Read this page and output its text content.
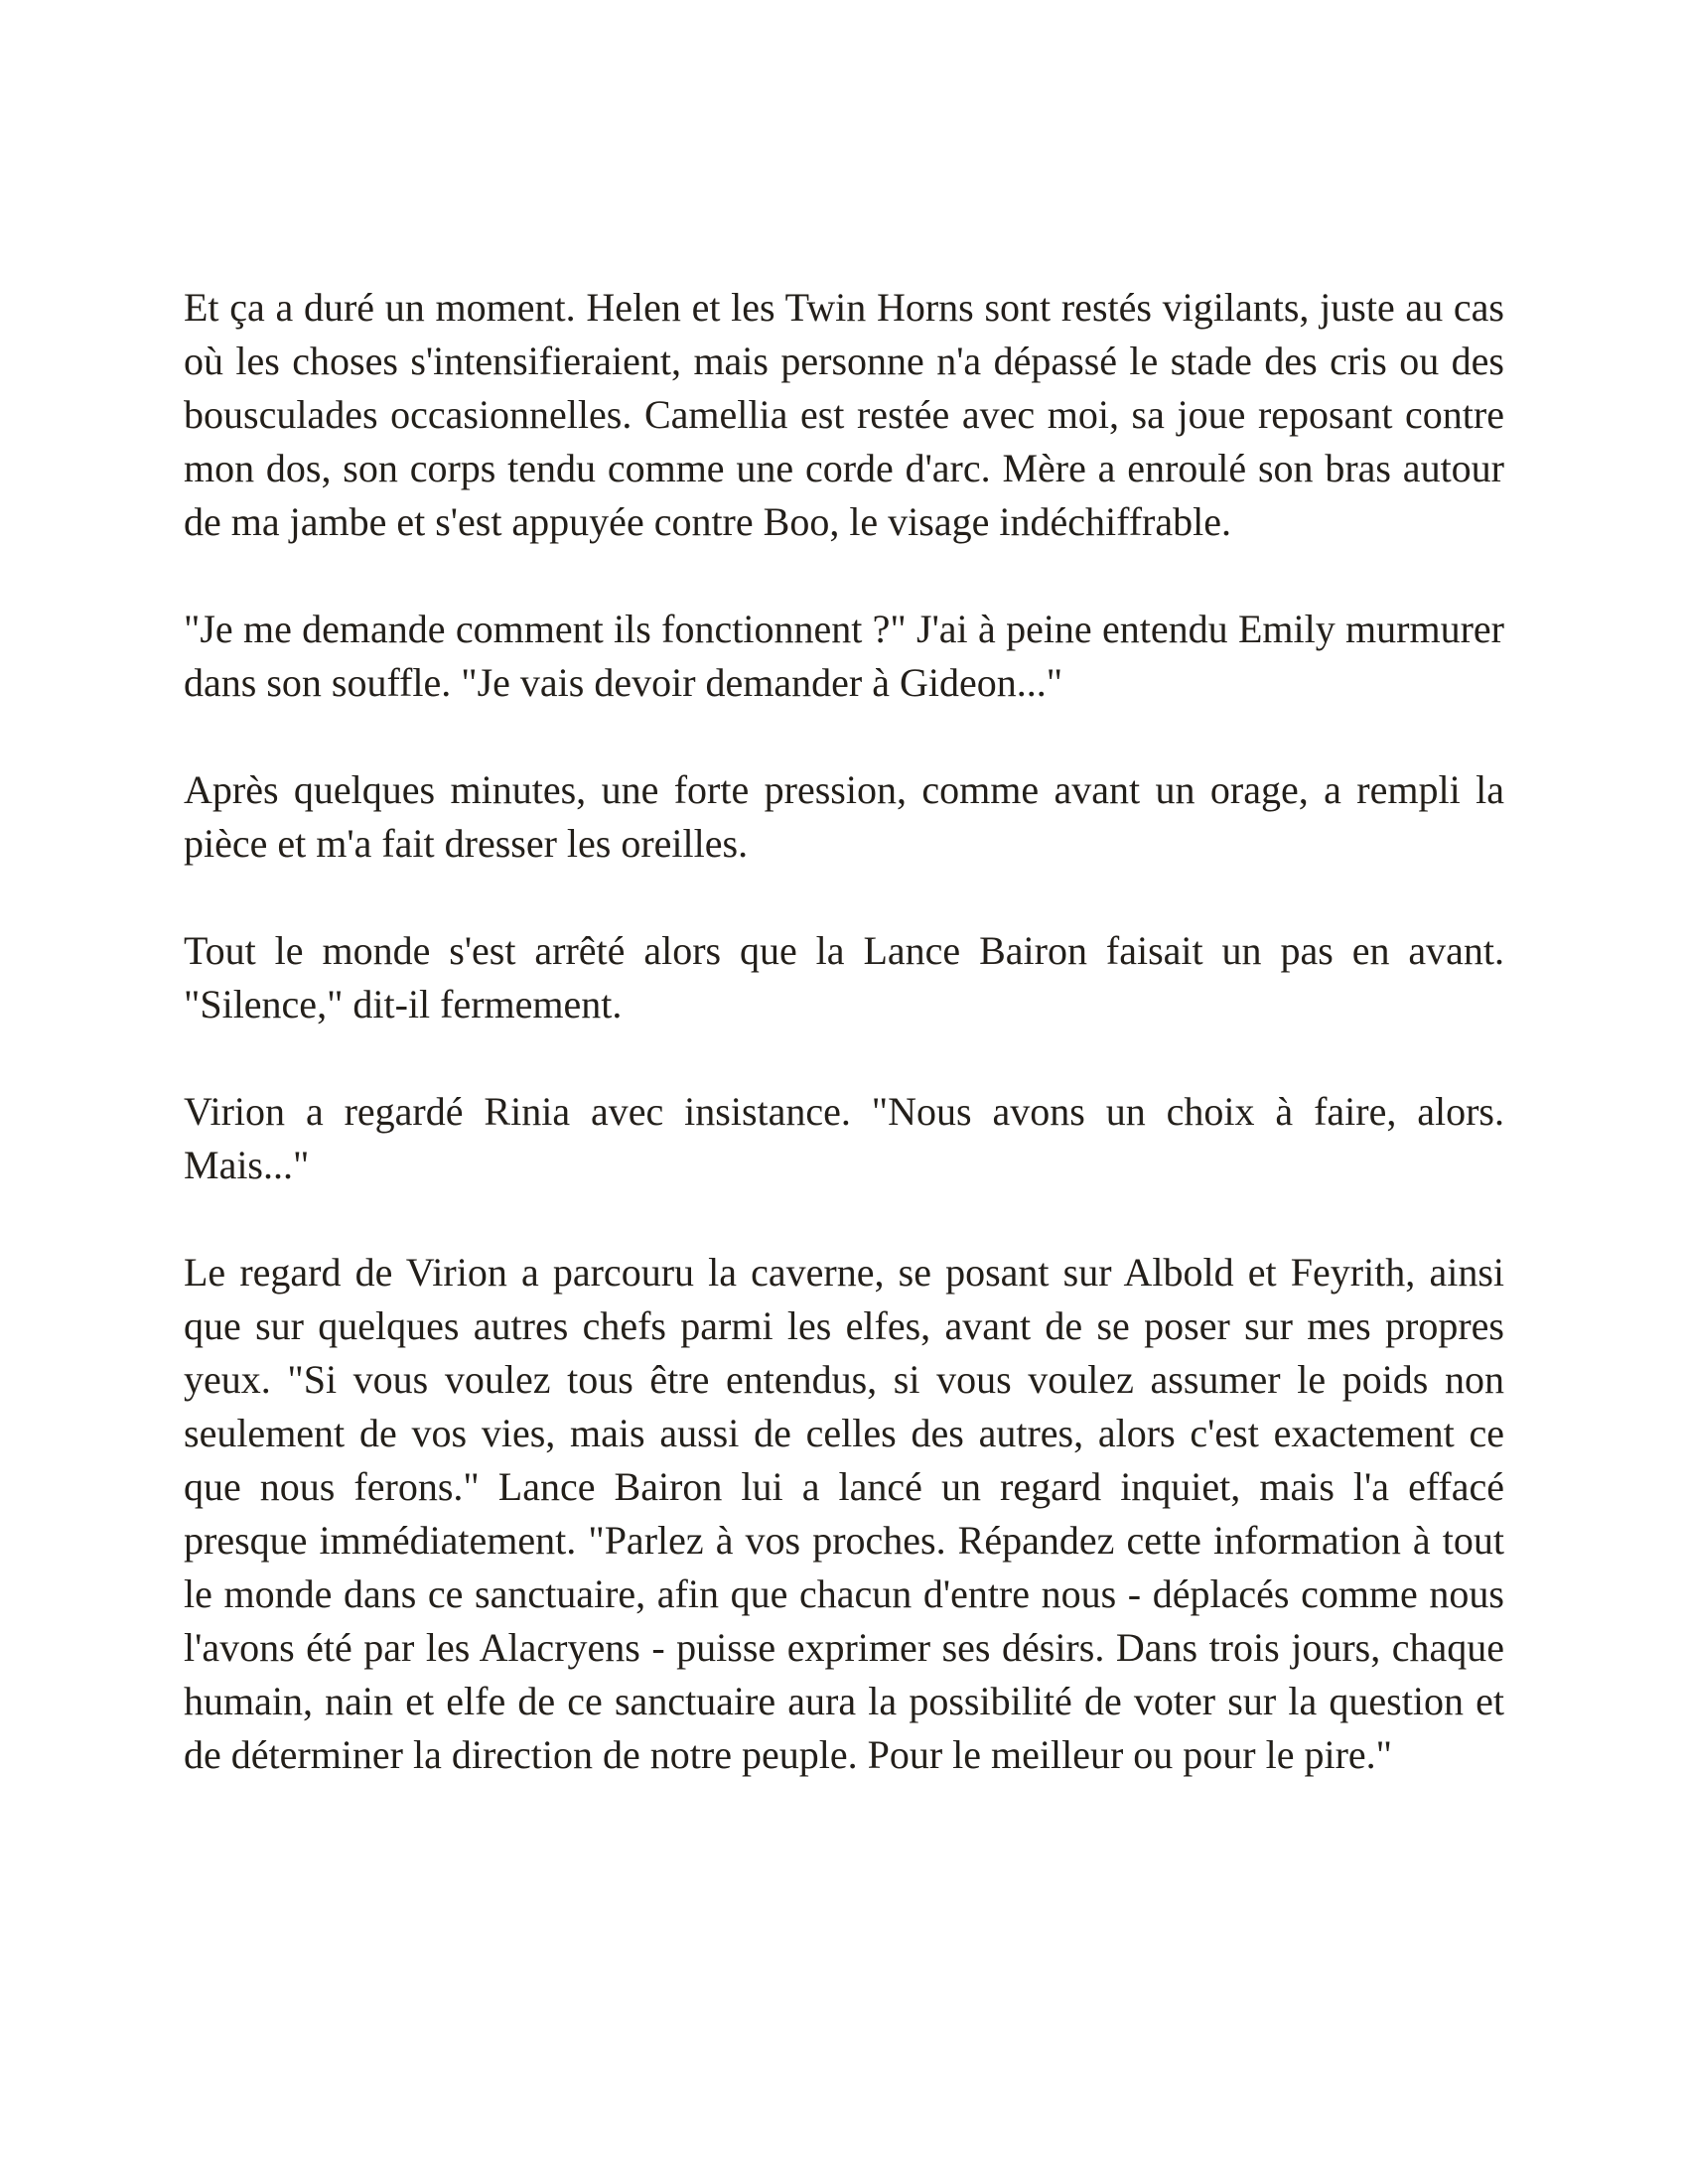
Et ça a duré un moment. Helen et les Twin Horns sont restés vigilants, juste au cas où les choses s'intensifieraient, mais personne n'a dépassé le stade des cris ou des bousculades occasionnelles. Camellia est restée avec moi, sa joue reposant contre mon dos, son corps tendu comme une corde d'arc. Mère a enroulé son bras autour de ma jambe et s'est appuyée contre Boo, le visage indéchiffrable.

"Je me demande comment ils fonctionnent ?" J'ai à peine entendu Emily murmurer dans son souffle. "Je vais devoir demander à Gideon..."

Après quelques minutes, une forte pression, comme avant un orage, a rempli la pièce et m'a fait dresser les oreilles.

Tout le monde s'est arrêté alors que la Lance Bairon faisait un pas en avant. "Silence," dit-il fermement.

Virion a regardé Rinia avec insistance. "Nous avons un choix à faire, alors. Mais..."

Le regard de Virion a parcouru la caverne, se posant sur Albold et Feyrith, ainsi que sur quelques autres chefs parmi les elfes, avant de se poser sur mes propres yeux. "Si vous voulez tous être entendus, si vous voulez assumer le poids non seulement de vos vies, mais aussi de celles des autres, alors c'est exactement ce que nous ferons." Lance Bairon lui a lancé un regard inquiet, mais l'a effacé presque immédiatement. "Parlez à vos proches. Répandez cette information à tout le monde dans ce sanctuaire, afin que chacun d'entre nous - déplacés comme nous l'avons été par les Alacryens - puisse exprimer ses désirs. Dans trois jours, chaque humain, nain et elfe de ce sanctuaire aura la possibilité de voter sur la question et de déterminer la direction de notre peuple. Pour le meilleur ou pour le pire."
